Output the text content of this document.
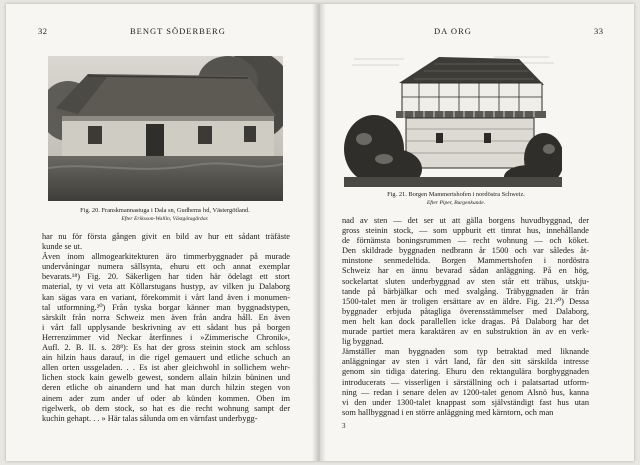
32	BENGT SÖDERBERG
Fig. 20. Franskmannastuga i Dala sn, Gudhems hd, Västergötland.
Efter Eriksson-Wallin, Västgötagårdar.
har nu för första gången givit en bild av hur ett sådant träfäste
kunde se ut.
Även inom allmogearkitekturen äro timmerbyggnader på murade
undervåningar numera sällsynta, ehuru ett och annat exemplar
bevarats.¹⁸) Fig. 20. Säkerligen har tiden här ödelagt ett stort
material, ty vi veta att Köllarstugans hustyp, av vilken ju Dalaborg
kan sägas vara en variant, förekommit i vårt land även i monumen-
tal utformning.²⁰) Från tyska borgar känner man byggnadstypen,
särskilt från norra Schweiz men även från andra håll. En även
i vårt fall upplysande beskrivning av ett sådant hus på borgen
Herrenzimmer vid Neckar återfinnes i »Zimmerische Chronik»,
Aufl. 2. B. II. s. 28⁸): Es hat der gross steinin stock am schloss
ain hilzin haus darauf, in die rigel gemauert und etliche schuch an
allen orten ussgeladen. . . Es ist aber gleichwohl in sollichem wehr-
lichen stock kain gewelb gewest, sondern allain hilzin büninen und
deren etliche ob ainandern und hat man durch hilzin stegen von
ainem ader zum ander uf oder ab künden kommen. Oben im
rigelwerk, ob dem stock, so hat es die recht wohnung sampt der
kuchin gehapt. . . » Här talas sålunda om en värnfast underbygg-
DA ORG	33
Fig. 21. Borgen Mammertshofen i nordöstra Schweiz.
Efter Piper, Burgenkunde.
nad av sten — det ser ut att gälla borgens huvudbyggnad, der
gross steinin stock, — som uppburit ett timrat hus, innehållande
de förnämsta boningsrummen — recht wohnung — och köket.
Den skildrade byggnaden nedbrann år 1500 och var således åt-
minstone senmedeltida. Borgen Mammertshofen i nordöstra
Schweiz har en ännu bevarad sådan anläggning. På en hög,
sockelartat sluten underbyggnad av sten står ett trähus, utskju-
tande på bärbjälkar och med svalgång. Träbyggnaden är från
1500-talet men är troligen ersättare av en äldre. Fig. 21.²⁰) Dessa
byggnader erbjuda påtagliga överensstämmelser med Dalaborg,
men helt kan dock parallellen icke dragas. På Dalaborg har det
murade partiet mera karaktären av en substruktion än av en verk-
lig byggnad.
Jämställer man byggnaden som typ betraktad med liknande
anläggningar av sten i vårt land, får den sitt särskilda intresse
genom sin tidiga datering. Ehuru den rektangulära borgbyggnaden
introducerats — visserligen i särställning och i palatsartad utform-
ning — redan i senare delen av 1200-talet genom Alsnö hus, kanna
vi den under 1300-talet knappast som självständigt fast hus utan
som hallbyggnad i en större anläggning med kärntorn, och man
3
